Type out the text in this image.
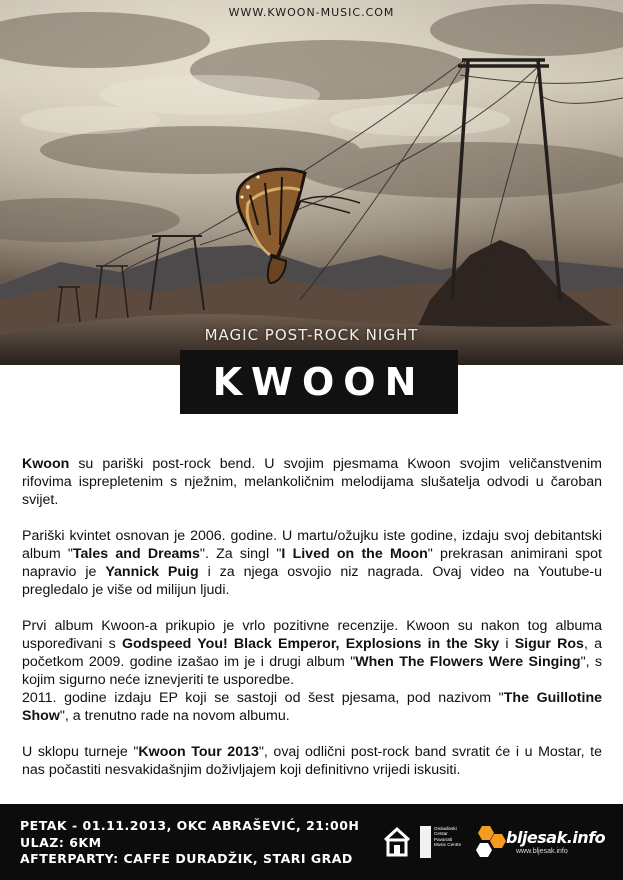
WWW.KWOON-MUSIC.COM
MAGIC POST-ROCK NIGHT
KWOON

Kwoon su pariški post-rock bend. U svojim pjesmama Kwoon svojim veličanstvenim rifovima isprepletenim s nježnim, melankoličnim melodijama slušatelja odvodi u čaroban svijet.

Pariški kvintet osnovan je 2006. godine. U martu/ožujku iste godine, izdaju svoj debitantski album "Tales and Dreams". Za singl "I Lived on the Moon" prekrasan animirani spot napravio je Yannick Puig i za njega osvojio niz nagrada. Ovaj video na Youtube-u pregledalo je više od milijun ljudi.

Prvi album Kwoon-a prikupio je vrlo pozitivne recenzije. Kwoon su nakon tog albuma uspoređivani s Godspeed You! Black Emperor, Explosions in the Sky i Sigur Ros, a početkom 2009. godine izašao im je i drugi album "When The Flowers Were Singing", s kojim sigurno neće iznevjeriti te usporedbe.

2011. godine izdaju EP koji se sastoji od šest pjesama, pod nazivom "The Guillotine Show", a trenutno rade na novom albumu.

U sklopu turneje "Kwoon Tour 2013", ovaj odlični post-rock band svratit će i u Mostar, te nas počastiti nesvakidašnjim doživljajem koji definitivno vrijedi iskusiti.

PETAK - 01.11.2013, OKC ABRAŠEVIĆ, 21:00H
ULAZ: 6KM
AFTERPARTY: CAFFE DURADŽIK, STARI GRAD
Omladinski Centar Pavarotti Music Centre	bljesak.info
www.bljesak.info
